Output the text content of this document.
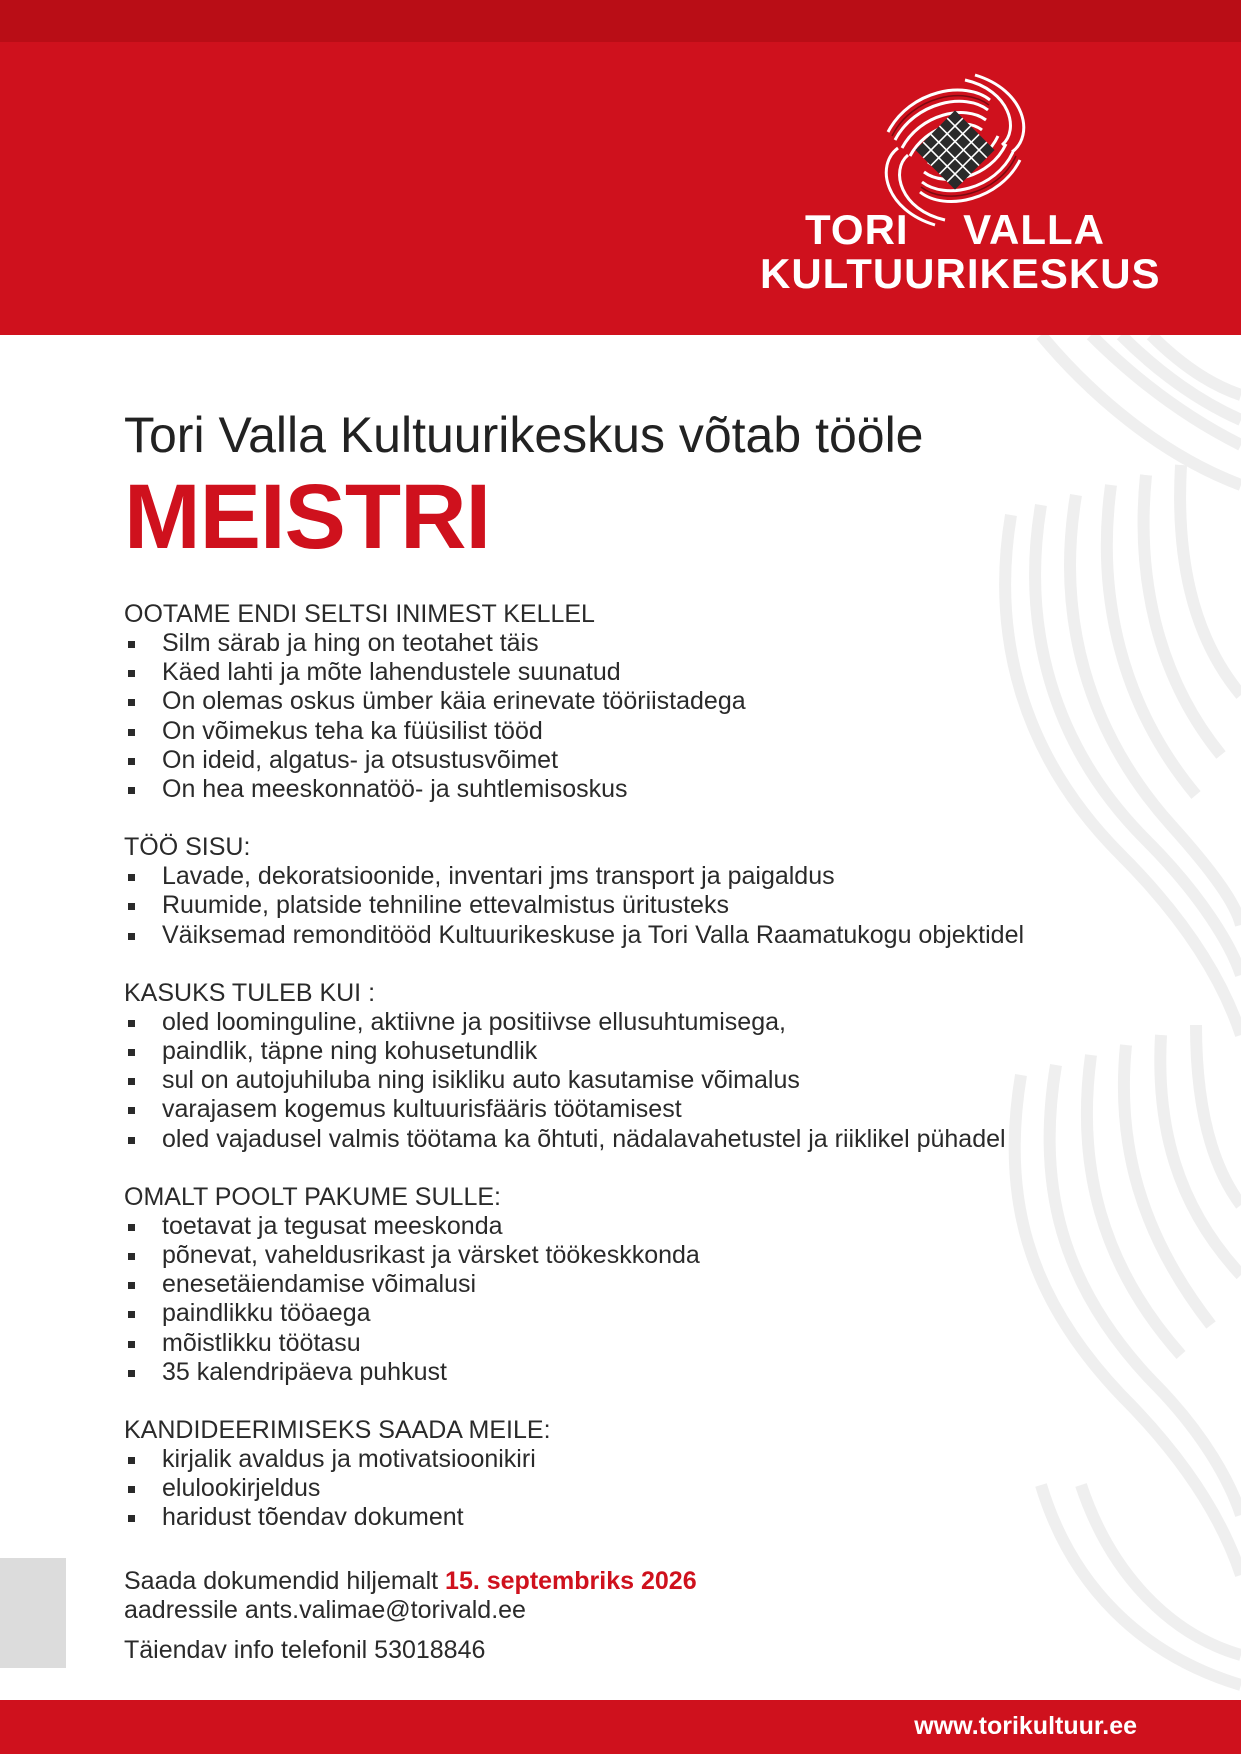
TORI VALLA
KULTUURIKESKUS
Tori Valla Kultuurikeskus võtab tööle
MEISTRI
OOTAME ENDI SELTSI INIMEST KELLEL
Silm särab ja hing on teotahet täis
Käed lahti ja mõte lahendustele suunatud
On olemas oskus ümber käia erinevate tööriistadega
On võimekus teha ka füüsilist tööd
On ideid, algatus- ja otsustusvõimet
On hea meeskonnatöö- ja suhtlemisoskus
TÖÖ SISU:
Lavade, dekoratsioonide, inventari jms transport ja paigaldus
Ruumide, platside tehniline ettevalmistus üritusteks
Väiksemad remonditööd Kultuurikeskuse ja Tori Valla Raamatukogu objektidel
KASUKS TULEB KUI :
oled loominguline, aktiivne ja positiivse ellusuhtumisega,
paindlik, täpne ning kohusetundlik
sul on autojuhiluba ning isikliku auto kasutamise võimalus
varajasem kogemus kultuurisfääris töötamisest
oled vajadusel valmis töötama ka õhtuti, nädalavahetustel ja riiklikel pühadel
OMALT POOLT PAKUME SULLE:
toetavat ja tegusat meeskonda
põnevat, vaheldusrikast ja värsket töökeskkonda
enesetäiendamise võimalusi
paindlikku tööaega
mõistlikku töötasu
35 kalendripäeva puhkust
KANDIDEERIMISEKS SAADA MEILE:
kirjalik avaldus ja motivatsioonikiri
elulookirjeldus
haridust tõendav dokument
Saada dokumendid hiljemalt 15. septembriks 2026
aadressile ants.valimae@torivald.ee
Täiendav info telefonil 53018846
www.torikultuur.ee
